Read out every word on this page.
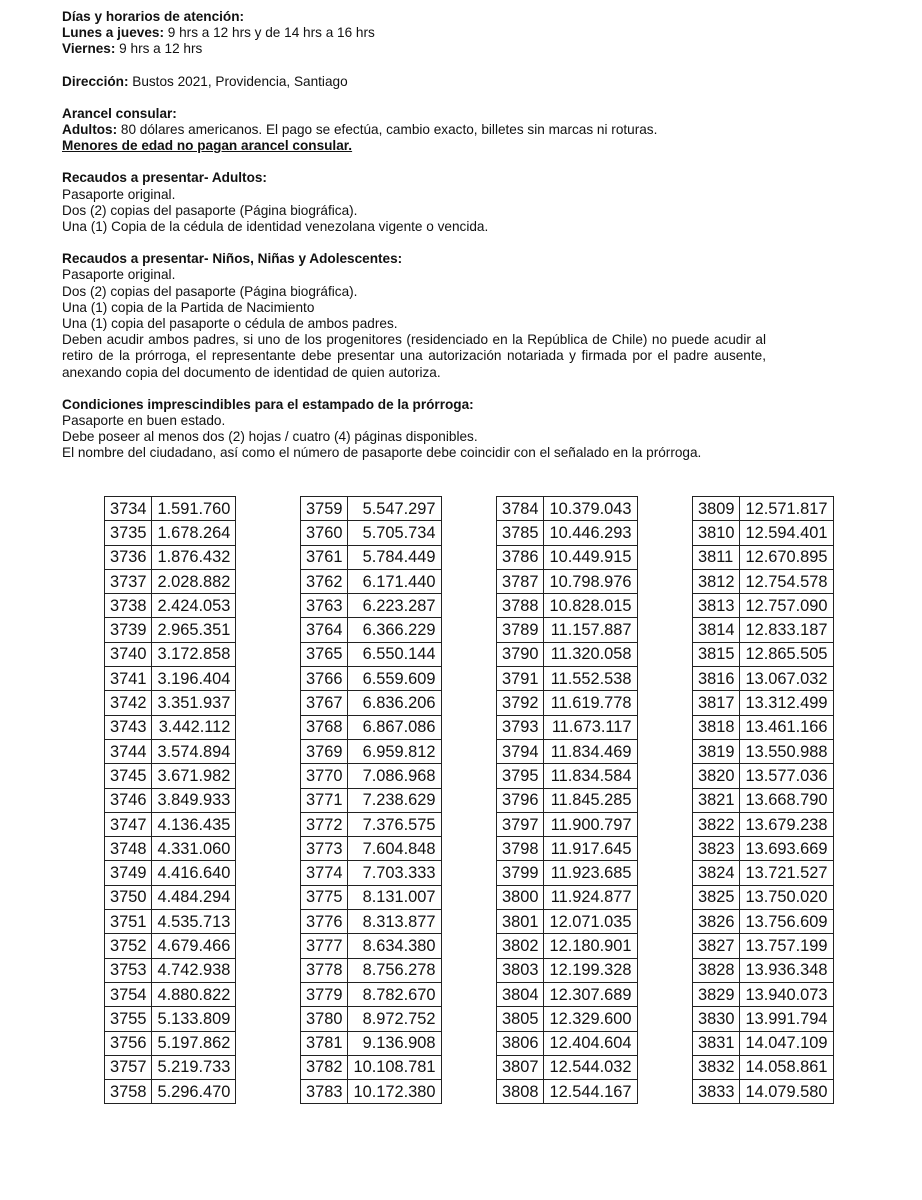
Días y horarios de atención:

Lunes a jueves: 9 hrs a 12 hrs y de 14 hrs a 16 hrs

Viernes: 9 hrs a 12 hrs

Dirección: Bustos 2021, Providencia, Santiago

Arancel consular:

Adultos: 80 dólares americanos. El pago se efectúa, cambio exacto, billetes sin marcas ni roturas.

Menores de edad no pagan arancel consular.

Recaudos a presentar- Adultos:

Pasaporte original.

Dos (2) copias del pasaporte (Página biográfica).

Una (1) Copia de la cédula de identidad venezolana vigente o vencida.

Recaudos a presentar- Niños, Niñas y Adolescentes:

Pasaporte original.

Dos (2) copias del pasaporte (Página biográfica).

Una (1) copia de la Partida de Nacimiento

Una (1) copia del pasaporte o cédula de ambos padres.

Deben acudir ambos padres, si uno de los progenitores (residenciado en la República de Chile) no puede acudir al retiro de la prórroga, el representante debe presentar una autorización notariada y firmada por el padre ausente, anexando copia del documento de identidad de quien autoriza.

Condiciones imprescindibles para el estampado de la prórroga:

Pasaporte en buen estado.

Debe poseer al menos dos (2) hojas / cuatro (4) páginas disponibles.

El nombre del ciudadano, así como el número de pasaporte debe coincidir con el señalado en la prórroga.

3734	1.591.760
3735	1.678.264
3736	1.876.432
3737	2.028.882
3738	2.424.053
3739	2.965.351
3740	3.172.858
3741	3.196.404
3742	3.351.937
3743	3.442.112
3744	3.574.894
3745	3.671.982
3746	3.849.933
3747	4.136.435
3748	4.331.060
3749	4.416.640
3750	4.484.294
3751	4.535.713
3752	4.679.466
3753	4.742.938
3754	4.880.822
3755	5.133.809
3756	5.197.862
3757	5.219.733
3758	5.296.470
3759	5.547.297
3760	5.705.734
3761	5.784.449
3762	6.171.440
3763	6.223.287
3764	6.366.229
3765	6.550.144
3766	6.559.609
3767	6.836.206
3768	6.867.086
3769	6.959.812
3770	7.086.968
3771	7.238.629
3772	7.376.575
3773	7.604.848
3774	7.703.333
3775	8.131.007
3776	8.313.877
3777	8.634.380
3778	8.756.278
3779	8.782.670
3780	8.972.752
3781	9.136.908
3782	10.108.781
3783	10.172.380
3784	10.379.043
3785	10.446.293
3786	10.449.915
3787	10.798.976
3788	10.828.015
3789	11.157.887
3790	11.320.058
3791	11.552.538
3792	11.619.778
3793	11.673.117
3794	11.834.469
3795	11.834.584
3796	11.845.285
3797	11.900.797
3798	11.917.645
3799	11.923.685
3800	11.924.877
3801	12.071.035
3802	12.180.901
3803	12.199.328
3804	12.307.689
3805	12.329.600
3806	12.404.604
3807	12.544.032
3808	12.544.167
3809	12.571.817
3810	12.594.401
3811	12.670.895
3812	12.754.578
3813	12.757.090
3814	12.833.187
3815	12.865.505
3816	13.067.032
3817	13.312.499
3818	13.461.166
3819	13.550.988
3820	13.577.036
3821	13.668.790
3822	13.679.238
3823	13.693.669
3824	13.721.527
3825	13.750.020
3826	13.756.609
3827	13.757.199
3828	13.936.348
3829	13.940.073
3830	13.991.794
3831	14.047.109
3832	14.058.861
3833	14.079.580
